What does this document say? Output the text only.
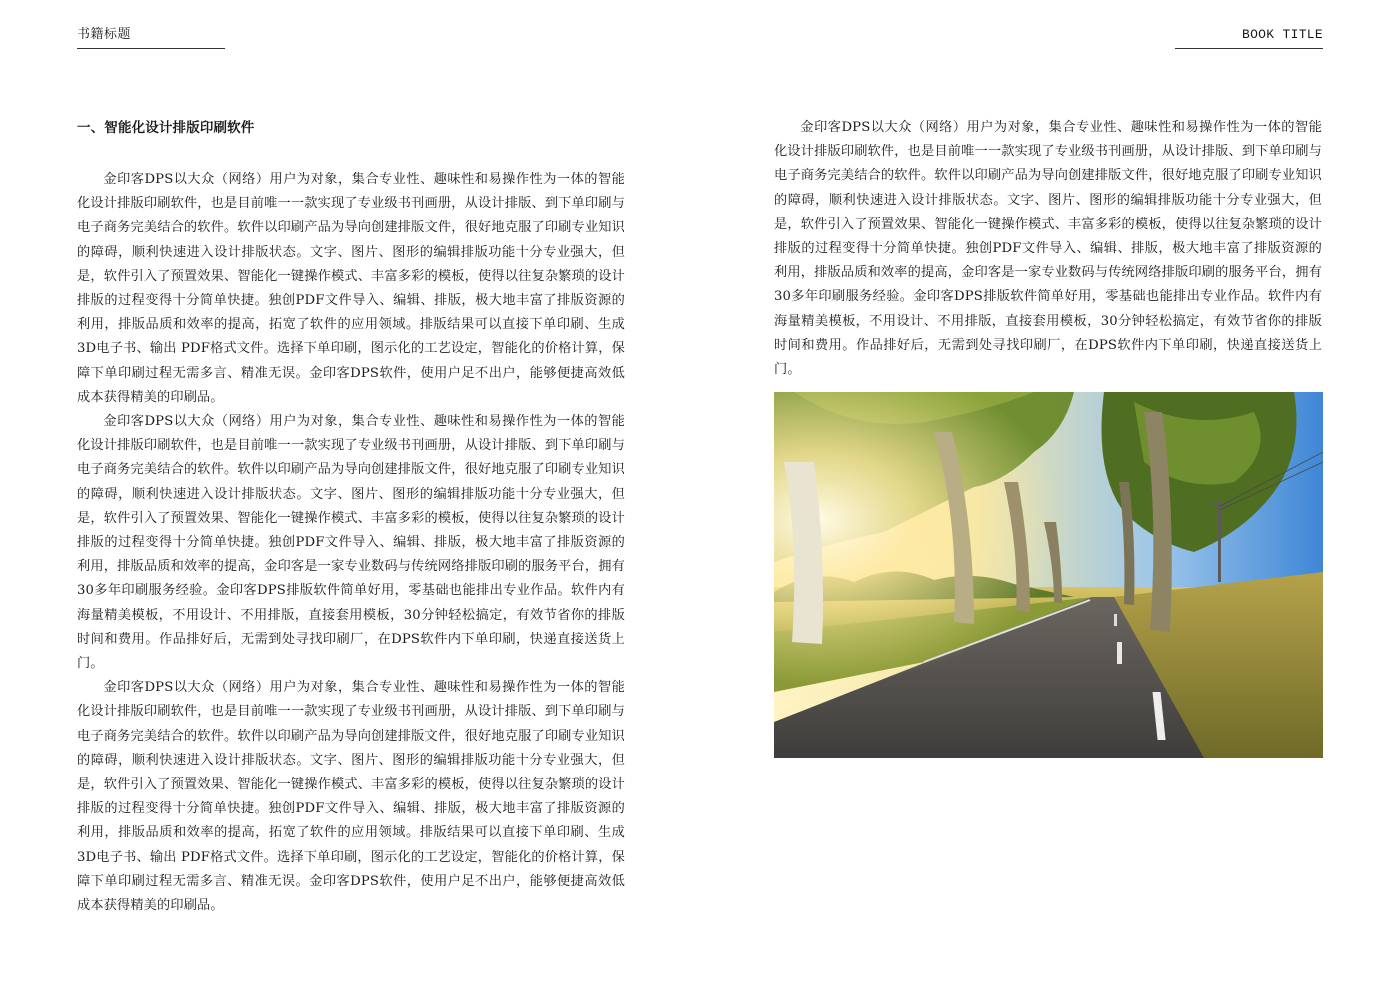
书籍标题	BOOK TITLE
一、智能化设计排版印刷软件

金印客DPS以大众（网络）用户为对象，集合专业性、趣味性和易操作性为一体的智能化设计排版印刷软件，也是目前唯一一款实现了专业级书刊画册，从设计排版、到下单印刷与电子商务完美结合的软件。软件以印刷产品为导向创建排版文件，很好地克服了印刷专业知识的障碍，顺利快速进入设计排版状态。文字、图片、图形的编辑排版功能十分专业强大，但是，软件引入了预置效果、智能化一键操作模式、丰富多彩的模板，使得以往复杂繁琐的设计排版的过程变得十分简单快捷。独创PDF文件导入、编辑、排版，极大地丰富了排版资源的利用，排版品质和效率的提高，拓宽了软件的应用领域。排版结果可以直接下单印刷、生成3D电子书、输出 PDF格式文件。选择下单印刷，图示化的工艺设定，智能化的价格计算，保障下单印刷过程无需多言、精准无误。金印客DPS软件，使用户足不出户，能够便捷高效低成本获得精美的印刷品。

金印客DPS以大众（网络）用户为对象，集合专业性、趣味性和易操作性为一体的智能化设计排版印刷软件，也是目前唯一一款实现了专业级书刊画册，从设计排版、到下单印刷与电子商务完美结合的软件。软件以印刷产品为导向创建排版文件，很好地克服了印刷专业知识的障碍，顺利快速进入设计排版状态。文字、图片、图形的编辑排版功能十分专业强大，但是，软件引入了预置效果、智能化一键操作模式、丰富多彩的模板，使得以往复杂繁琐的设计排版的过程变得十分简单快捷。独创PDF文件导入、编辑、排版，极大地丰富了排版资源的利用，排版品质和效率的提高，金印客是一家专业数码与传统网络排版印刷的服务平台，拥有30多年印刷服务经验。金印客DPS排版软件简单好用，零基础也能排出专业作品。软件内有海量精美模板，不用设计、不用排版，直接套用模板，30分钟轻松搞定，有效节省你的排版时间和费用。作品排好后，无需到处寻找印刷厂，在DPS软件内下单印刷，快递直接送货上门。

金印客DPS以大众（网络）用户为对象，集合专业性、趣味性和易操作性为一体的智能化设计排版印刷软件，也是目前唯一一款实现了专业级书刊画册，从设计排版、到下单印刷与电子商务完美结合的软件。软件以印刷产品为导向创建排版文件，很好地克服了印刷专业知识的障碍，顺利快速进入设计排版状态。文字、图片、图形的编辑排版功能十分专业强大，但是，软件引入了预置效果、智能化一键操作模式、丰富多彩的模板，使得以往复杂繁琐的设计排版的过程变得十分简单快捷。独创PDF文件导入、编辑、排版，极大地丰富了排版资源的利用，排版品质和效率的提高，拓宽了软件的应用领域。排版结果可以直接下单印刷、生成3D电子书、输出 PDF格式文件。选择下单印刷，图示化的工艺设定，智能化的价格计算，保障下单印刷过程无需多言、精准无误。金印客DPS软件，使用户足不出户，能够便捷高效低成本获得精美的印刷品。

金印客DPS以大众（网络）用户为对象，集合专业性、趣味性和易操作性为一体的智能化设计排版印刷软件，也是目前唯一一款实现了专业级书刊画册，从设计排版、到下单印刷与电子商务完美结合的软件。软件以印刷产品为导向创建排版文件，很好地克服了印刷专业知识的障碍，顺利快速进入设计排版状态。文字、图片、图形的编辑排版功能十分专业强大，但是，软件引入了预置效果、智能化一键操作模式、丰富多彩的模板，使得以往复杂繁琐的设计排版的过程变得十分简单快捷。独创PDF文件导入、编辑、排版，极大地丰富了排版资源的利用，排版品质和效率的提高，金印客是一家专业数码与传统网络排版印刷的服务平台，拥有30多年印刷服务经验。金印客DPS排版软件简单好用，零基础也能排出专业作品。软件内有海量精美模板，不用设计、不用排版，直接套用模板，30分钟轻松搞定，有效节省你的排版时间和费用。作品排好后，无需到处寻找印刷厂，在DPS软件内下单印刷，快递直接送货上门。
